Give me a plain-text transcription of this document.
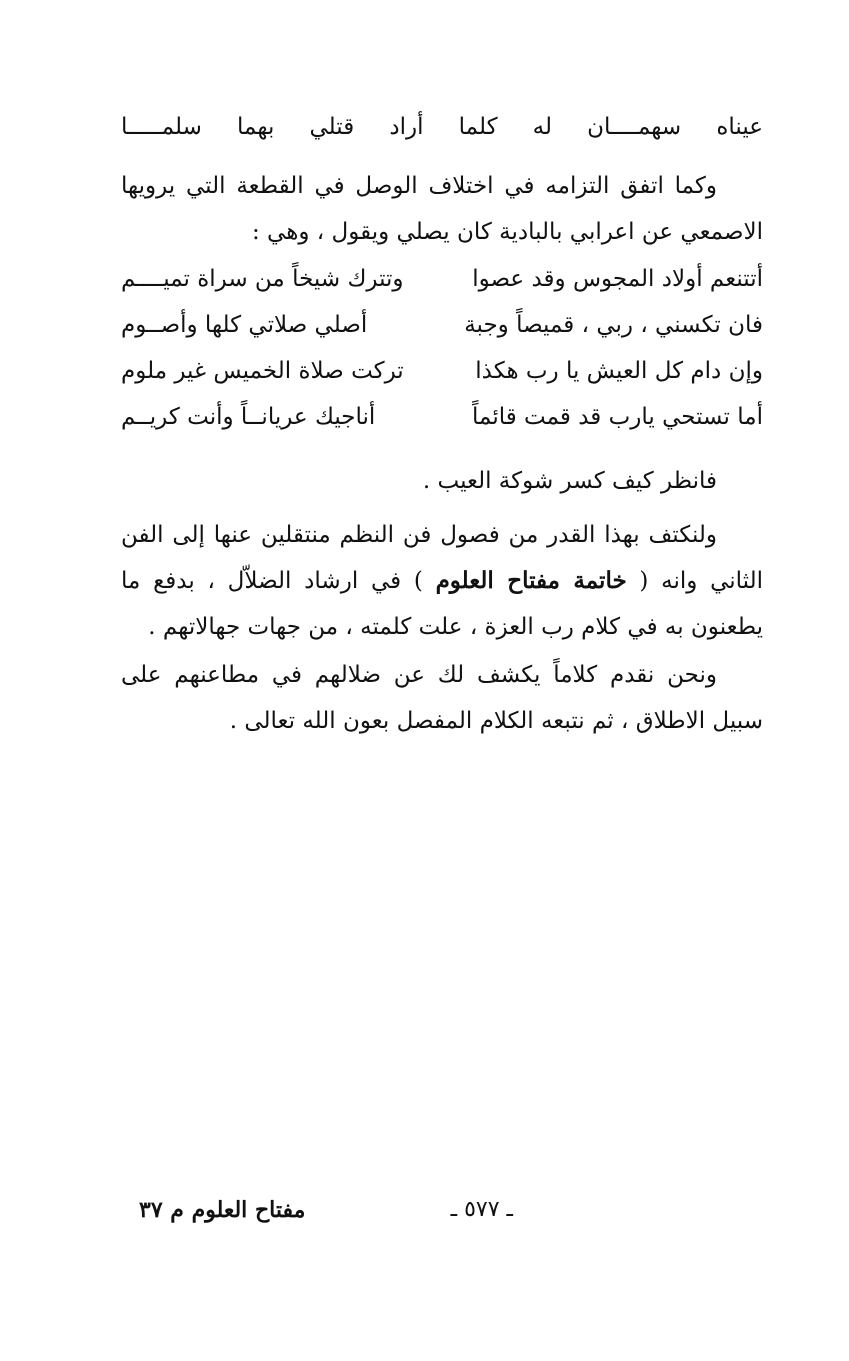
عيناه
سهمــــان
له
كلما
أراد
قتلي
بهما
سلمـــــا

وكما اتفق التزامه في اختلاف الوصل في القطعة التي يرويها الاصمعي عن اعرابي بالبادية كان يصلي ويقول ، وهي :

أتتنعم أولاد المجوس وقد عصوا
وتترك شيخاً من سراة تميــــم
فان تكسني ، ربي ، قميصاً وجبة
أصلي صلاتي كلها وأصــوم
وإن دام كل العيش يا رب هكذا
تركت صلاة الخميس غير ملوم
أما تستحي يارب قد قمت قائماً
أناجيك عريانــاً وأنت كريــم

فانظر كيف كسر شوكة العيب .

ولنكتف بهذا القدر من فصول فن النظم منتقلين عنها إلى الفن الثاني وانه ( خاتمة مفتاح العلوم ) في ارشاد الضلاّل ، بدفع ما يطعنون به في كلام رب العزة ، علت كلمته ، من جهات جهالاتهم .

ونحن نقدم كلاماً يكشف لك عن ضلالهم في مطاعنهم على سبيل الاطلاق ، ثم نتبعه الكلام المفصل بعون الله تعالى .

ـ ٥٧٧ ـ
مفتاح العلوم م ٣٧
